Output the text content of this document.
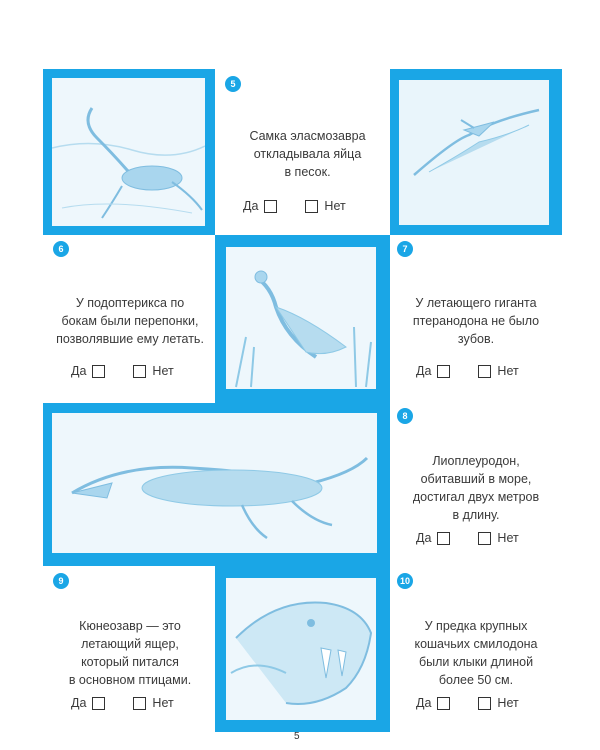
5
6	7
8
9	10
Самка эласмозавра
откладывала яйца
в песок.
Да	Нет
У подоптерикса по
бокам были перепонки,
позволявшие ему летать.
Да	Нет
У летающего гиганта
птеранодона не было
зубов.
Да	Нет
Лиоплеуродон,
обитавший в море,
достигал двух метров
в длину.
Да	Нет
Кюнеозавр — это
летающий ящер,
который питался
в основном птицами.
Да	Нет
У предка крупных
кошачьих смилодона
были клыки длиной
более 50 см.
Да	Нет
5
